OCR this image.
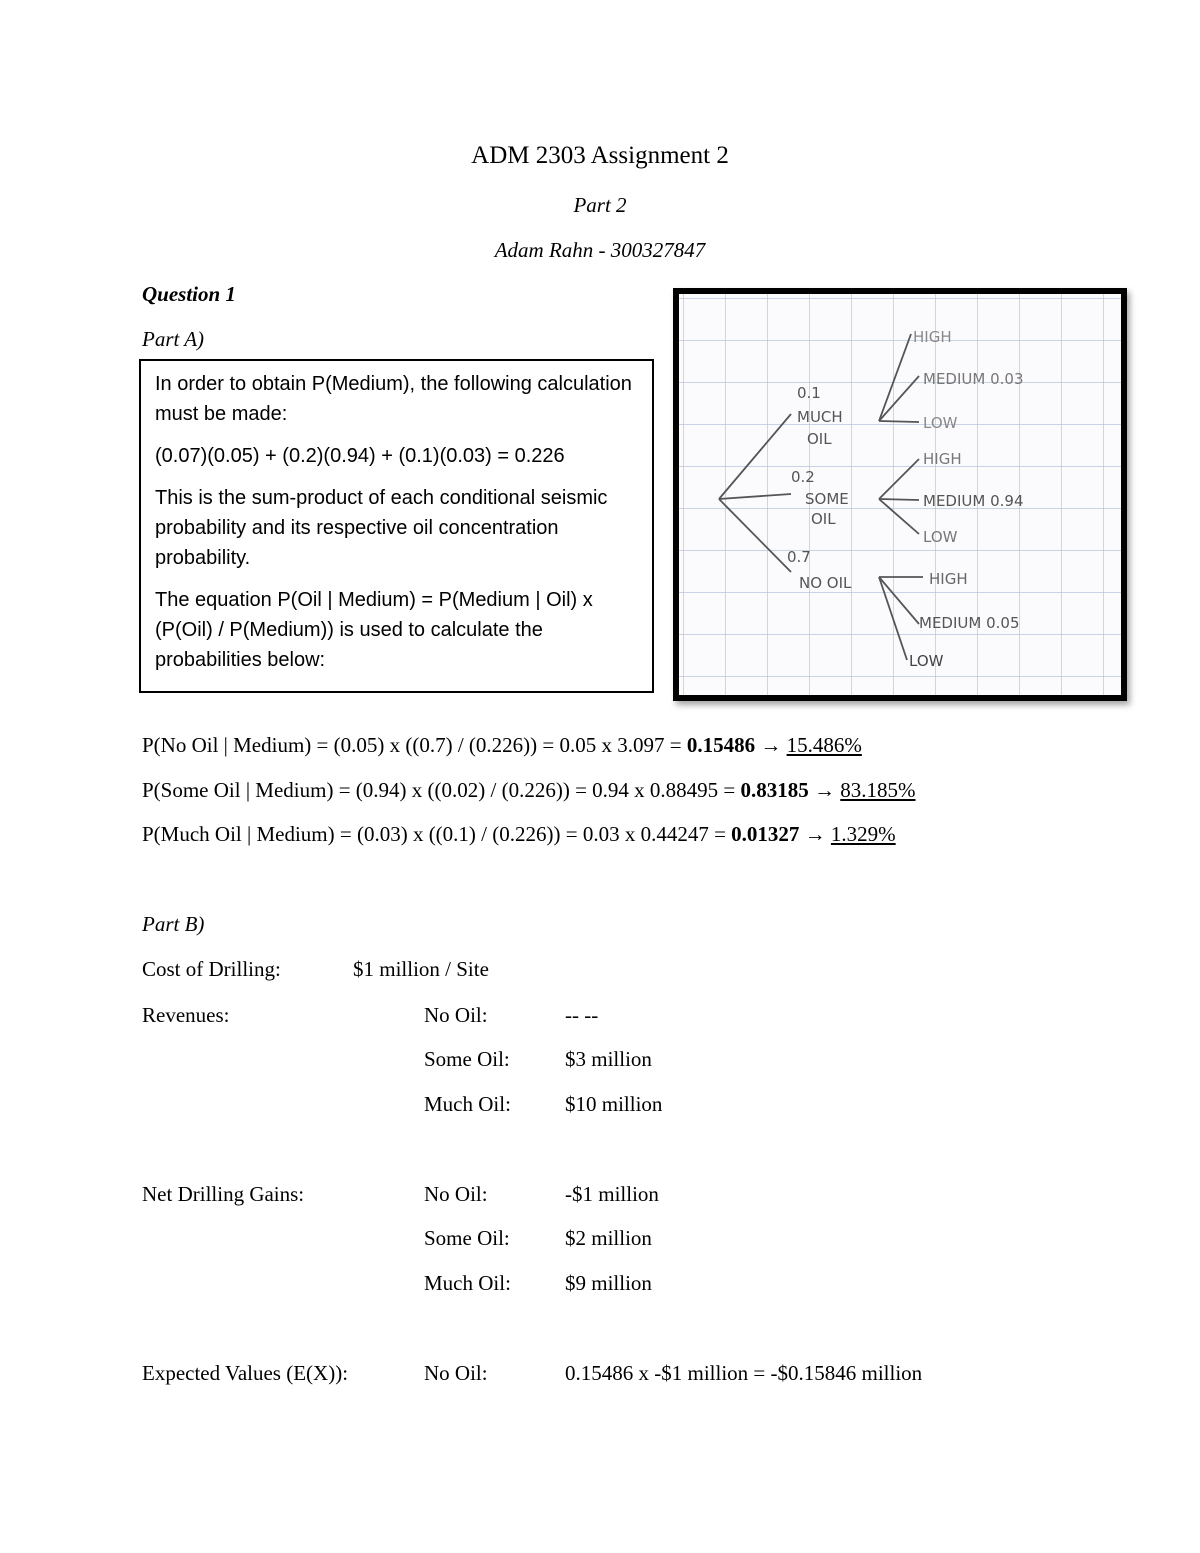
ADM 2303 Assignment 2
Part 2
Adam Rahn - 300327847
Question 1
Part A)

In order to obtain P(Medium), the following calculation must be made:

(0.07)(0.05) + (0.2)(0.94) + (0.1)(0.03) = 0.226

This is the sum-product of each conditional seismic probability and its respective oil concentration probability.

The equation P(Oil | Medium) = P(Medium | Oil) x (P(Oil) / P(Medium)) is used to calculate the probabilities below:

0.1
MUCH
OIL
0.2
SOME
OIL
0.7
NO OIL
HIGH
MEDIUM 0.03
LOW
HIGH
MEDIUM 0.94
LOW
HIGH
MEDIUM 0.05
LOW
P(No Oil | Medium) = (0.05) x ((0.7) / (0.226)) = 0.05 x 3.097 = 0.15486 → 15.486%
P(Some Oil | Medium) = (0.94) x ((0.02) / (0.226)) = 0.94 x 0.88495 = 0.83185 → 83.185%
P(Much Oil | Medium) = (0.03) x ((0.1) / (0.226)) = 0.03 x 0.44247 = 0.01327 → 1.329%
Part B)
Cost of Drilling:	$1 million / Site
Revenues:	No Oil:	-- --
Some Oil:	$3 million
Much Oil:	$10 million
Net Drilling Gains:	No Oil:	-$1 million
Some Oil:	$2 million
Much Oil:	$9 million
Expected Values (E(X)):	No Oil:	0.15486 x -$1 million = -$0.15846 million
